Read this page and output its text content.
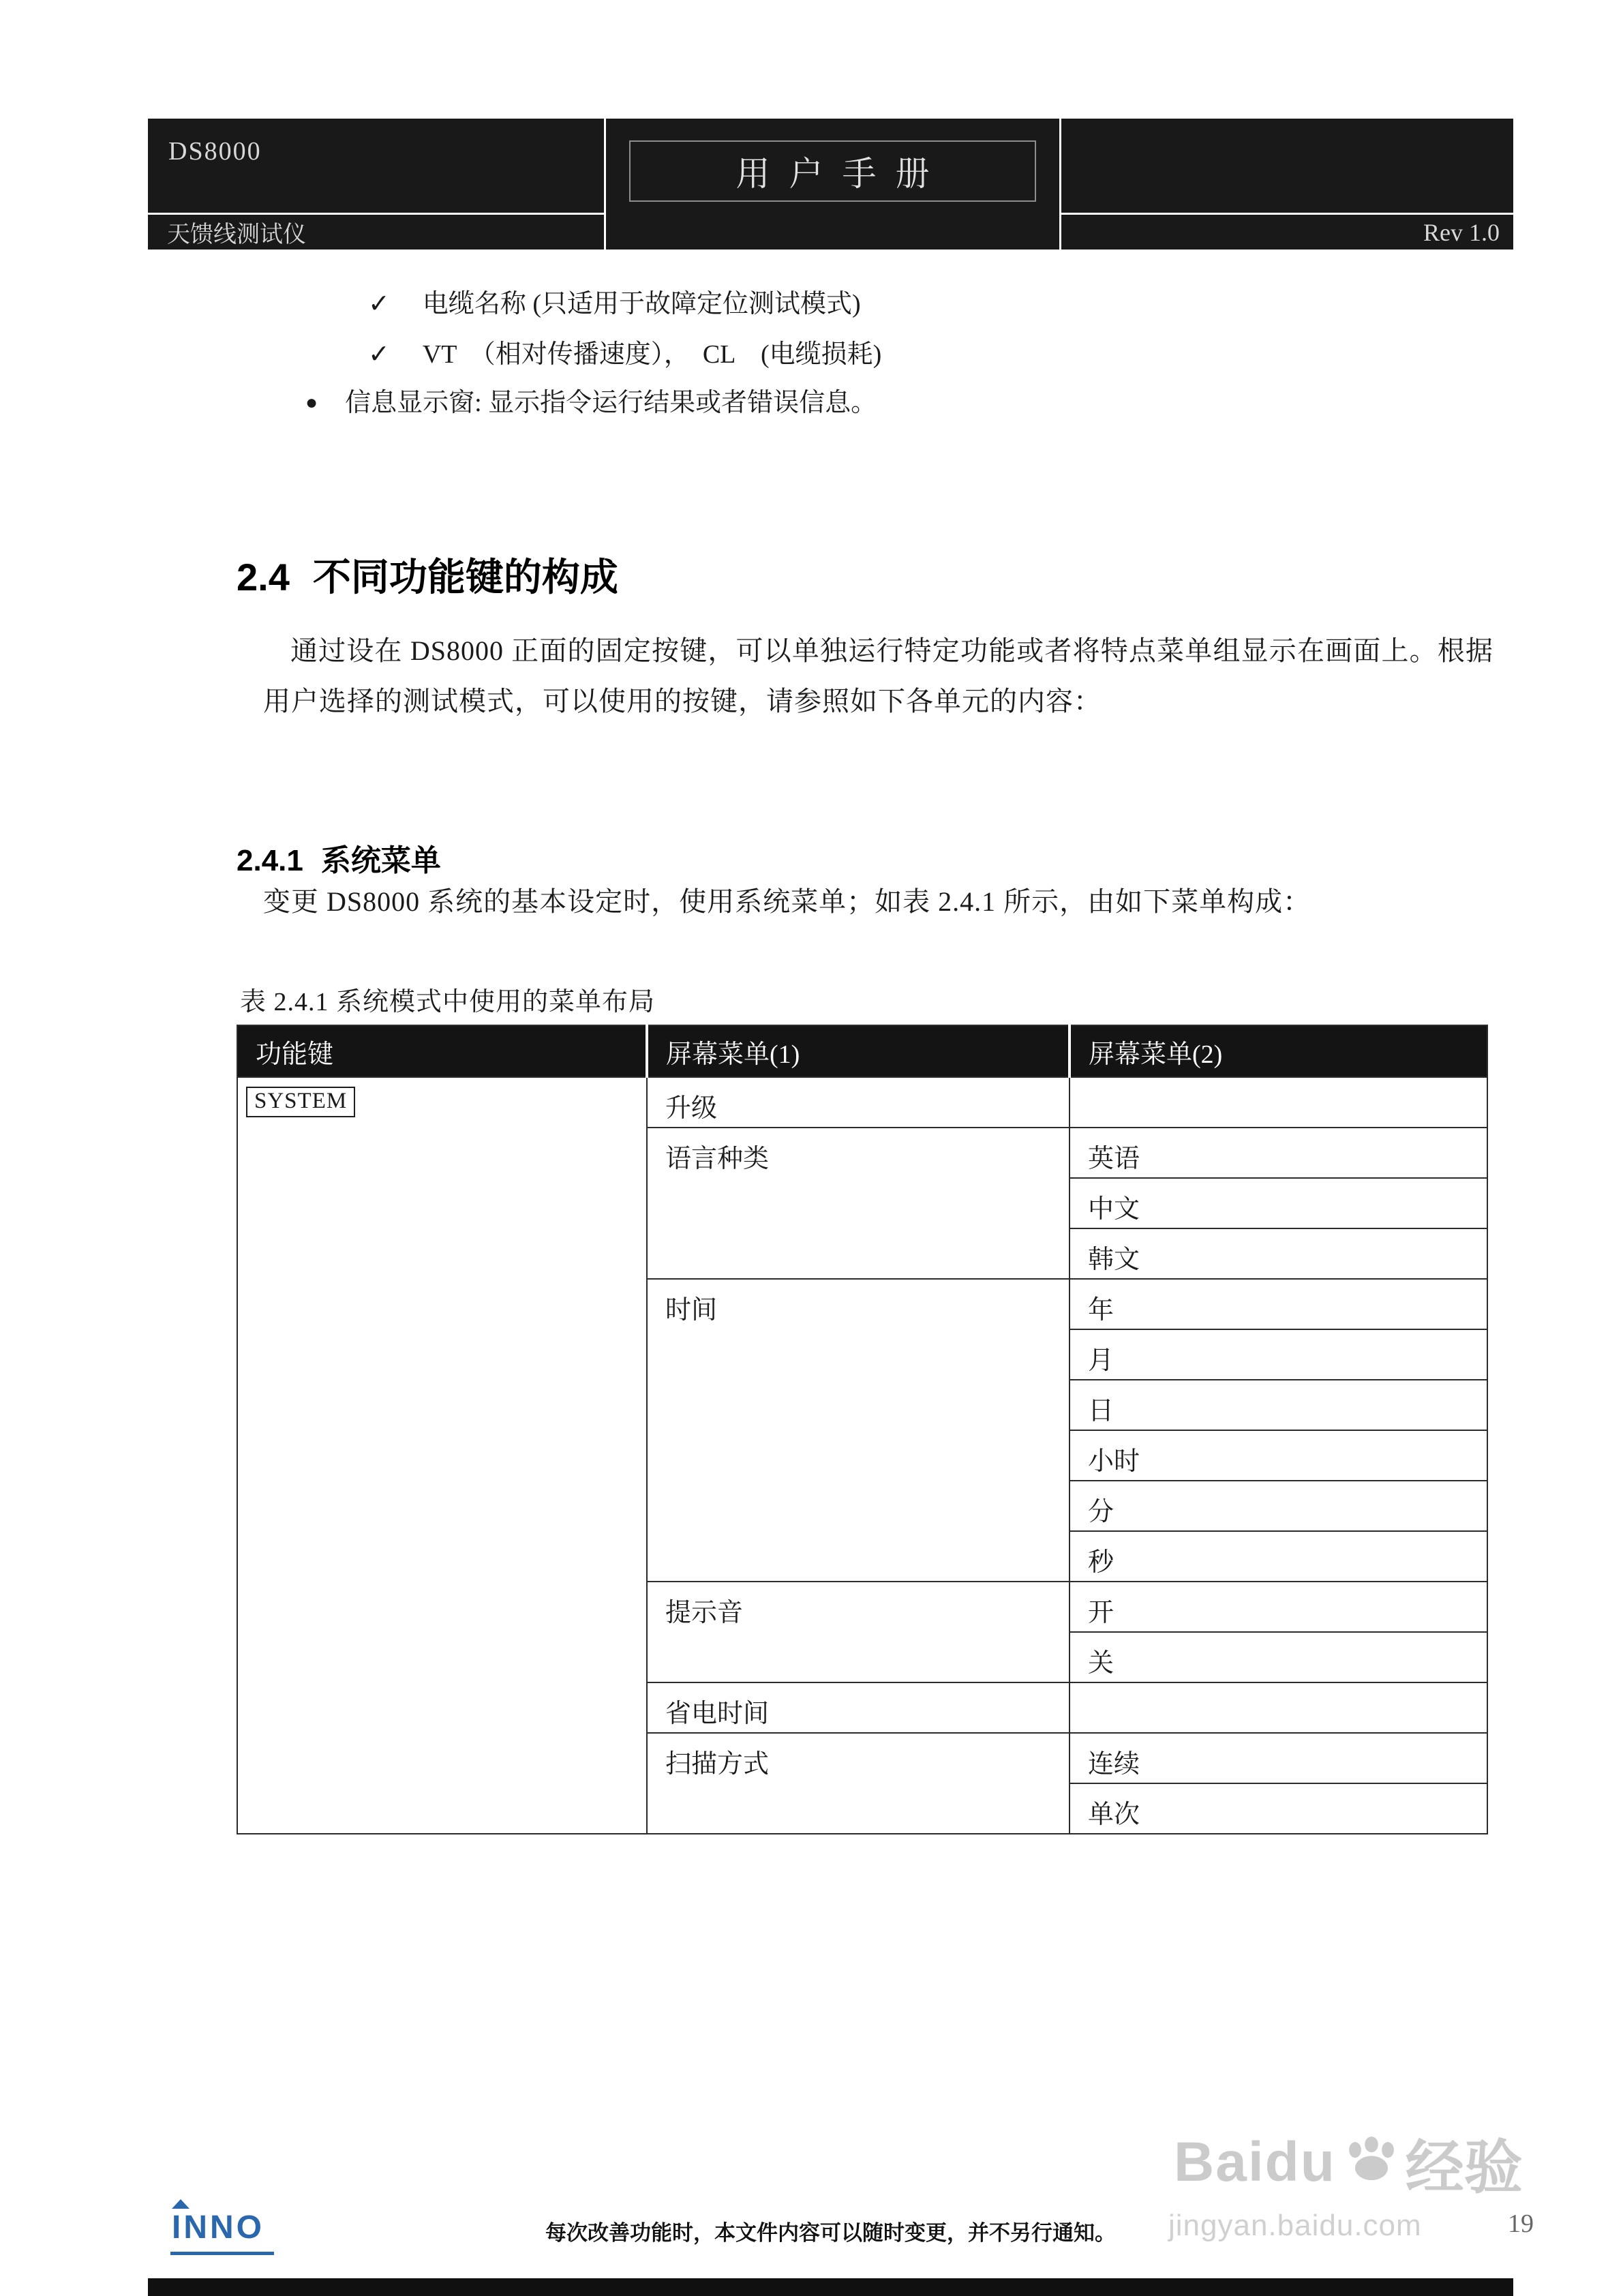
DS8000
天馈线测试仪
用户手册
Rev 1.0
✓ 电缆名称 (只适用于故障定位测试模式)
✓ VT　（相对传播速度），　CL　(电缆损耗)
● 信息显示窗: 显示指令运行结果或者错误信息。
2.4 不同功能键的构成
通过设在 DS8000 正面的固定按键，可以单独运行特定功能或者将特点菜单组显示在画面上。根据用户选择的测试模式，可以使用的按键，请参照如下各单元的内容：
2.4.1 系统菜单
变更 DS8000 系统的基本设定时，使用系统菜单；如表 2.4.1 所示，由如下菜单构成：
表 2.4.1 系统模式中使用的菜单布局
功能键	屏幕菜单(1)	屏幕菜单(2)
SYSTEM	升级	
	语言种类	英语
		中文
		韩文
	时间	年
		月
		日
		小时
		分
		秒
	提示音	开
		关
	省电时间	
	扫描方式	连续
		单次
Baidu 经验
jingyan.baidu.com
INNO	每次改善功能时，本文件内容可以随时变更，并不另行通知。	19
